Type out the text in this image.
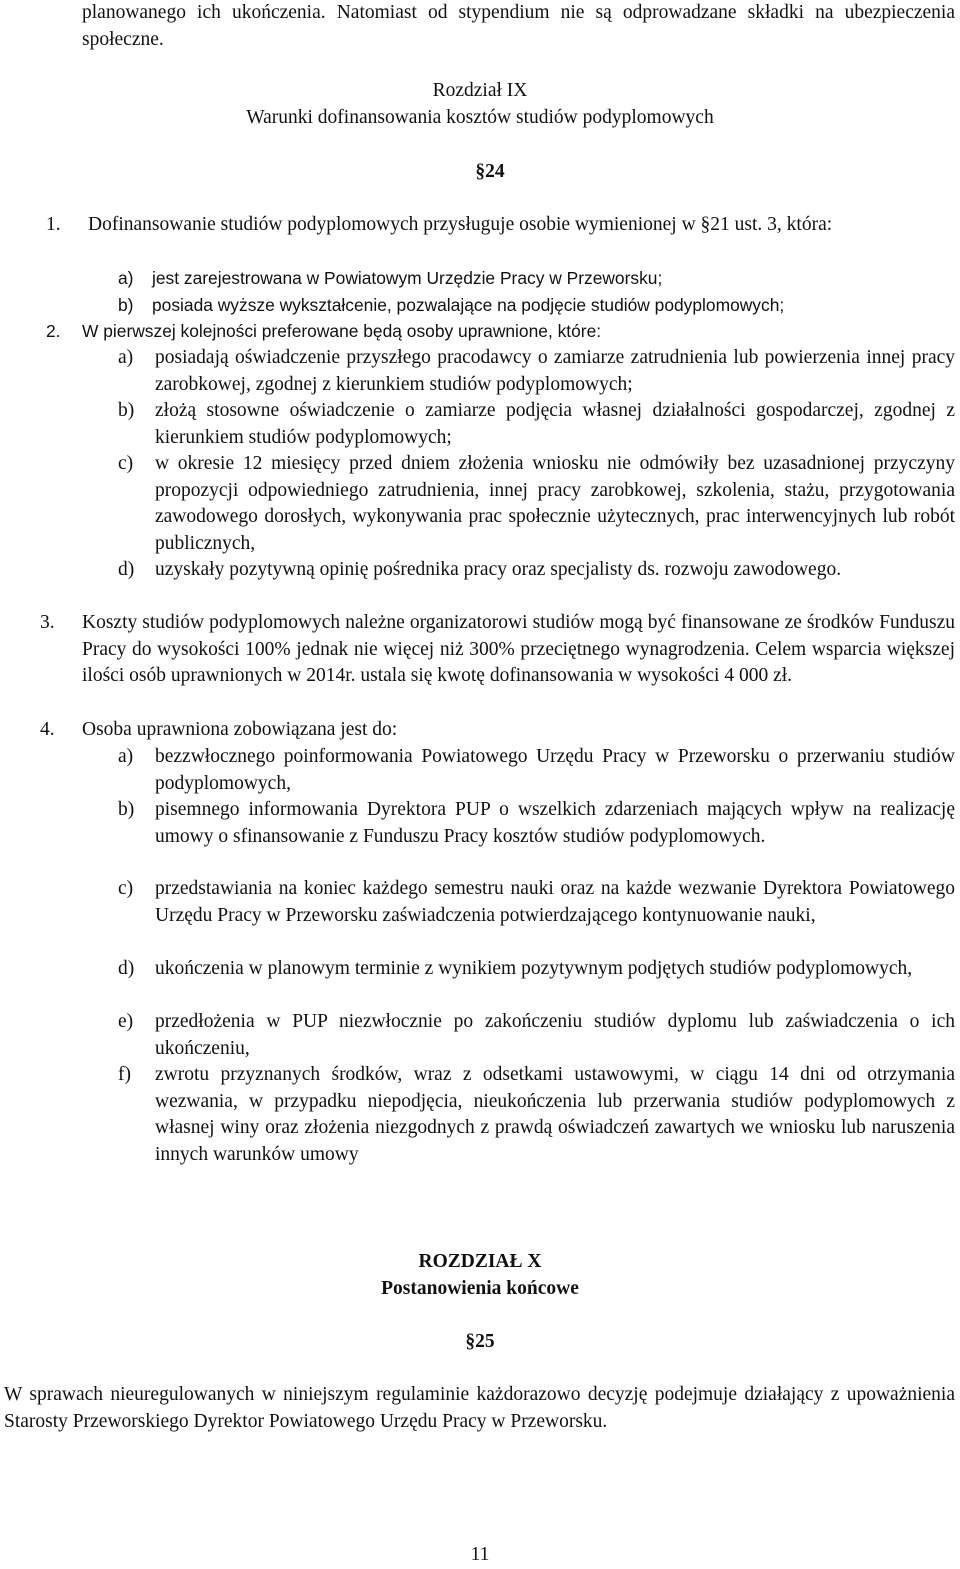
planowanego ich ukończenia. Natomiast od stypendium nie są odprowadzane składki na ubezpieczenia społeczne.
Rozdział IX
Warunki dofinansowania kosztów studiów podyplomowych
§24
1. Dofinansowanie studiów podyplomowych przysługuje osobie wymienionej w §21 ust. 3, która:
a) jest zarejestrowana w Powiatowym Urzędzie Pracy w Przeworsku;
b) posiada wyższe wykształcenie, pozwalające na podjęcie studiów podyplomowych;
2. W pierwszej kolejności preferowane będą osoby uprawnione, które:
a) posiadają oświadczenie przyszłego pracodawcy o zamiarze zatrudnienia lub powierzenia innej pracy zarobkowej, zgodnej z kierunkiem studiów podyplomowych;
b) złożą stosowne oświadczenie o zamiarze podjęcia własnej działalności gospodarczej, zgodnej z kierunkiem studiów podyplomowych;
c) w okresie 12 miesięcy przed dniem złożenia wniosku nie odmówiły bez uzasadnionej przyczyny propozycji odpowiedniego zatrudnienia, innej pracy zarobkowej, szkolenia, stażu, przygotowania zawodowego dorosłych, wykonywania prac społecznie użytecznych, prac interwencyjnych lub robót publicznych,
d) uzyskały pozytywną opinię pośrednika pracy oraz specjalisty ds. rozwoju zawodowego.
3. Koszty studiów podyplomowych należne organizatorowi studiów mogą być finansowane ze środków Funduszu Pracy do wysokości 100% jednak nie więcej niż 300% przeciętnego wynagrodzenia. Celem wsparcia większej ilości osób uprawnionych w 2014r. ustala się kwotę dofinansowania w wysokości 4 000 zł.
4. Osoba uprawniona zobowiązana jest do:
a) bezzwłocznego poinformowania Powiatowego Urzędu Pracy w Przeworsku o przerwaniu studiów podyplomowych,
b) pisemnego informowania Dyrektora PUP o wszelkich zdarzeniach mających wpływ na realizację umowy o sfinansowanie z Funduszu Pracy kosztów studiów podyplomowych.
c) przedstawiania na koniec każdego semestru nauki oraz na każde wezwanie Dyrektora Powiatowego Urzędu Pracy w Przeworsku zaświadczenia potwierdzającego kontynuowanie nauki,
d) ukończenia w planowym terminie z wynikiem pozytywnym podjętych studiów podyplomowych,
e) przedłożenia w PUP niezwłocznie po zakończeniu studiów dyplomu lub zaświadczenia o ich ukończeniu,
f) zwrotu przyznanych środków, wraz z odsetkami ustawowymi, w ciągu 14 dni od otrzymania wezwania, w przypadku niepodjęcia, nieukończenia lub przerwania studiów podyplomowych z własnej winy oraz złożenia niezgodnych z prawdą oświadczeń zawartych we wniosku lub naruszenia innych warunków umowy
ROZDZIAŁ X
Postanowienia końcowe
§25
W sprawach nieuregulowanych w niniejszym regulaminie każdorazowo decyzję podejmuje działający z upoważnienia Starosty Przeworskiego Dyrektor Powiatowego Urzędu Pracy w Przeworsku.
11
